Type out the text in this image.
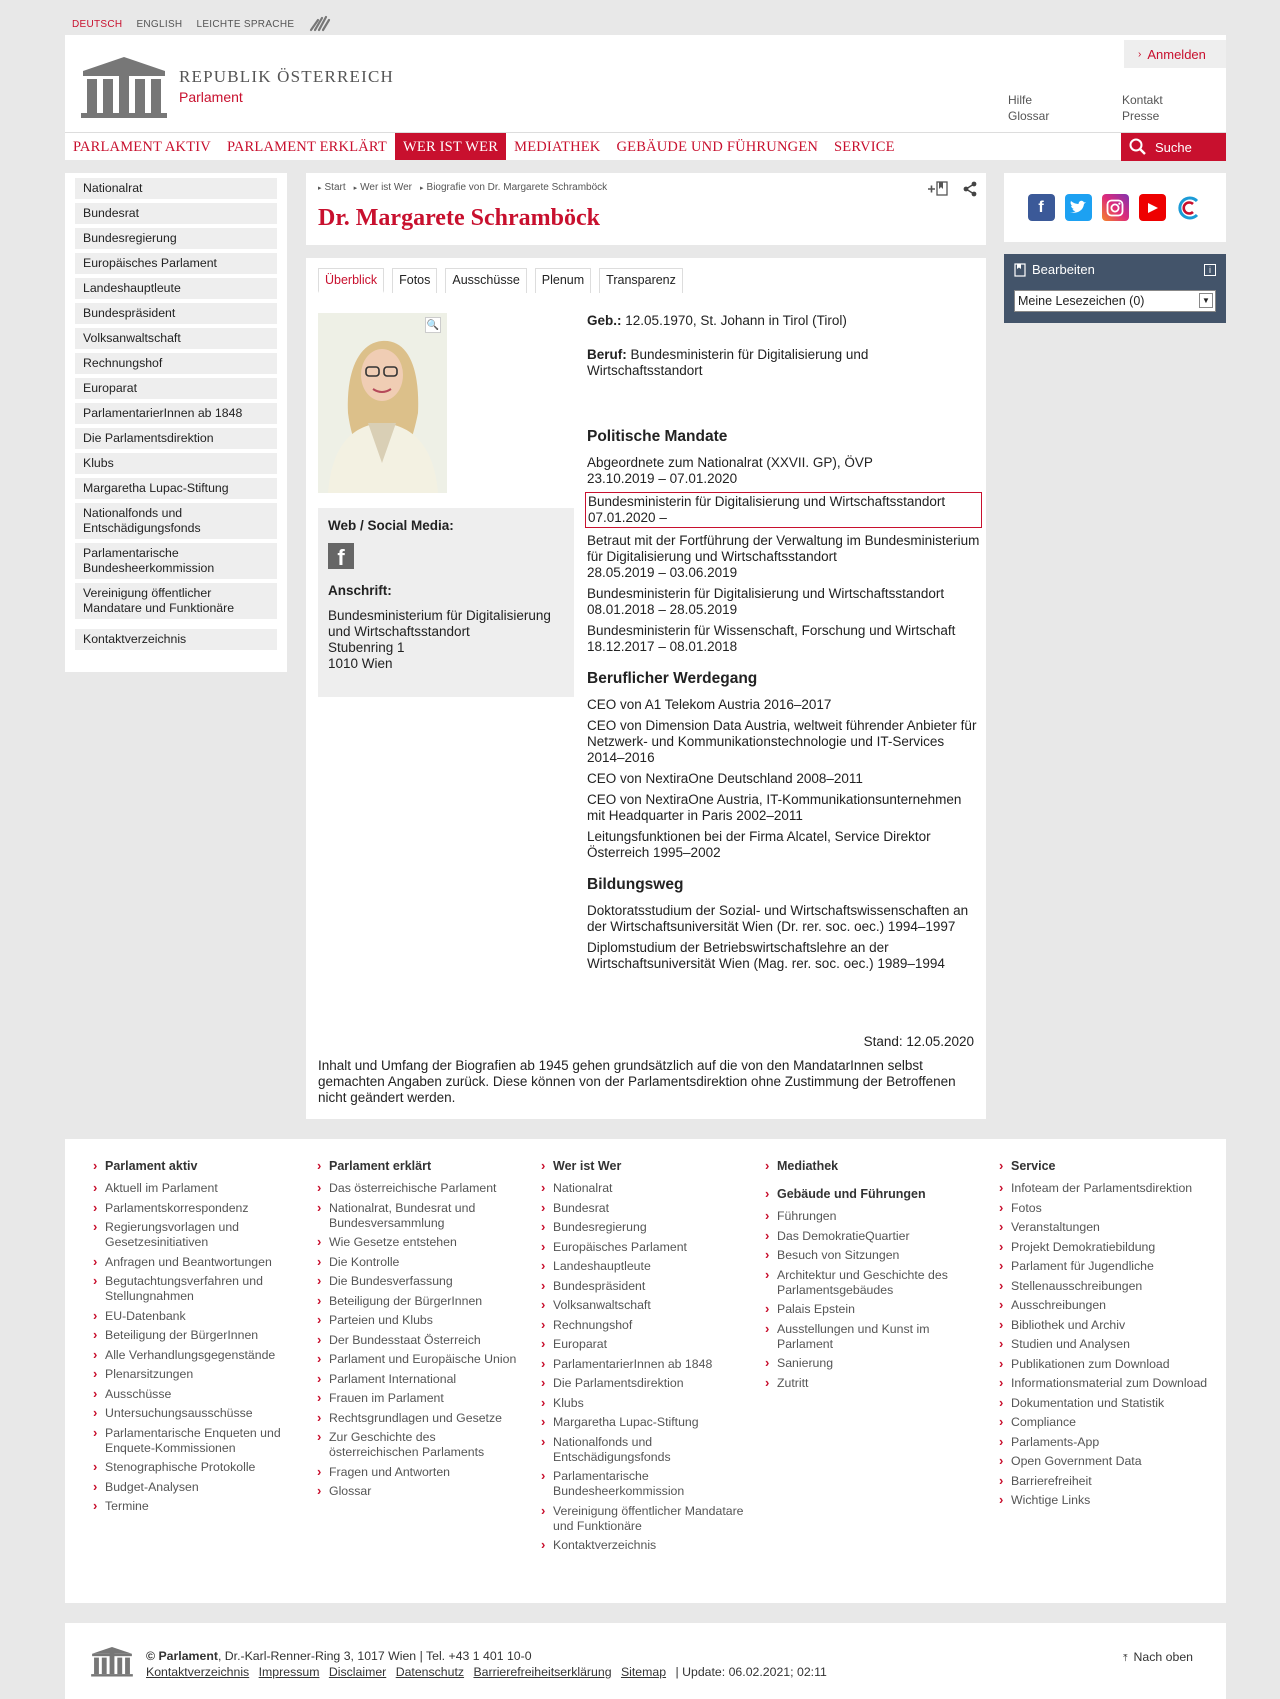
DEUTSCH ENGLISH LEICHTE SPRACHE
REPUBLIK ÖSTERREICH
Parlament
› Anmelden
Hilfe
Glossar
Kontakt
Presse
PARLAMENT AKTIV	PARLAMENT ERKLÄRT	WER IST WER	MEDIATHEK	GEBÄUDE UND FÜHRUNGEN	SERVICE	Suche
Nationalrat
Bundesrat
Bundesregierung
Europäisches Parlament
Landeshauptleute
Bundespräsident
Volksanwaltschaft
Rechnungshof
Europarat
ParlamentarierInnen ab 1848
Die Parlamentsdirektion
Klubs
Margaretha Lupac-Stiftung
Nationalfonds und Entschädigungsfonds
Parlamentarische Bundesheerkommission
Vereinigung öffentlicher Mandatare und Funktionäre
Kontaktverzeichnis
▸ Start ▸ Wer ist Wer ▸ Biografie von Dr. Margarete Schramböck
Dr. Margarete Schramböck
Überblick	Fotos	Ausschüsse	Plenum	Transparenz
🔍
Web / Social Media:
f
Anschrift:
Bundesministerium für Digitalisierung
und Wirtschaftsstandort
Stubenring 1
1010 Wien
Geb.: 12.05.1970, St. Johann in Tirol (Tirol)
Beruf: Bundesministerin für Digitalisierung und Wirtschaftsstandort
Politische Mandate
Abgeordnete zum Nationalrat (XXVII. GP), ÖVP
23.10.2019 – 07.01.2020
Bundesministerin für Digitalisierung und Wirtschaftsstandort
07.01.2020 –
Betraut mit der Fortführung der Verwaltung im Bundesministerium für Digitalisierung und Wirtschaftsstandort
28.05.2019 – 03.06.2019
Bundesministerin für Digitalisierung und Wirtschaftsstandort
08.01.2018 – 28.05.2019
Bundesministerin für Wissenschaft, Forschung und Wirtschaft
18.12.2017 – 08.01.2018
Beruflicher Werdegang
CEO von A1 Telekom Austria 2016–2017
CEO von Dimension Data Austria, weltweit führender Anbieter für Netzwerk- und Kommunikationstechnologie und IT-Services 2014–2016
CEO von NextiraOne Deutschland 2008–2011
CEO von NextiraOne Austria, IT-Kommunikationsunternehmen mit Headquarter in Paris 2002–2011
Leitungsfunktionen bei der Firma Alcatel, Service Direktor Österreich 1995–2002
Bildungsweg
Doktoratsstudium der Sozial- und Wirtschaftswissenschaften an der Wirtschaftsuniversität Wien (Dr. rer. soc. oec.) 1994–1997
Diplomstudium der Betriebswirtschaftslehre an der Wirtschaftsuniversität Wien (Mag. rer. soc. oec.) 1989–1994
Stand: 12.05.2020
Inhalt und Umfang der Biografien ab 1945 gehen grundsätzlich auf die von den MandatarInnen selbst gemachten Angaben zurück. Diese können von der Parlamentsdirektion ohne Zustimmung der Betroffenen nicht geändert werden.
f
Bearbeiten	i
Meine Lesezeichen (0)	▼
› Parlament aktiv
› Aktuell im Parlament
› Parlamentskorrespondenz
› Regierungsvorlagen und Gesetzesinitiativen
› Anfragen und Beantwortungen
› Begutachtungsverfahren und Stellungnahmen
› EU-Datenbank
› Beteiligung der BürgerInnen
› Alle Verhandlungsgegenstände
› Plenarsitzungen
› Ausschüsse
› Untersuchungsausschüsse
› Parlamentarische Enqueten und Enquete-Kommissionen
› Stenographische Protokolle
› Budget-Analysen
› Termine
› Parlament erklärt
› Das österreichische Parlament
› Nationalrat, Bundesrat und Bundesversammlung
› Wie Gesetze entstehen
› Die Kontrolle
› Die Bundesverfassung
› Beteiligung der BürgerInnen
› Parteien und Klubs
› Der Bundesstaat Österreich
› Parlament und Europäische Union
› Parlament International
› Frauen im Parlament
› Rechtsgrundlagen und Gesetze
› Zur Geschichte des österreichischen Parlaments
› Fragen und Antworten
› Glossar
› Wer ist Wer
› Nationalrat
› Bundesrat
› Bundesregierung
› Europäisches Parlament
› Landeshauptleute
› Bundespräsident
› Volksanwaltschaft
› Rechnungshof
› Europarat
› ParlamentarierInnen ab 1848
› Die Parlamentsdirektion
› Klubs
› Margaretha Lupac-Stiftung
› Nationalfonds und Entschädigungsfonds
› Parlamentarische Bundesheerkommission
› Vereinigung öffentlicher Mandatare und Funktionäre
› Kontaktverzeichnis
› Mediathek
› Gebäude und Führungen
› Führungen
› Das DemokratieQuartier
› Besuch von Sitzungen
› Architektur und Geschichte des Parlamentsgebäudes
› Palais Epstein
› Ausstellungen und Kunst im Parlament
› Sanierung
› Zutritt
› Service
› Infoteam der Parlamentsdirektion
› Fotos
› Veranstaltungen
› Projekt Demokratiebildung
› Parlament für Jugendliche
› Stellenausschreibungen
› Ausschreibungen
› Bibliothek und Archiv
› Studien und Analysen
› Publikationen zum Download
› Informationsmaterial zum Download
› Dokumentation und Statistik
› Compliance
› Parlaments-App
› Open Government Data
› Barrierefreiheit
› Wichtige Links
© Parlament, Dr.-Karl-Renner-Ring 3, 1017 Wien | Tel. +43 1 401 10-0
Kontaktverzeichnis Impressum Disclaimer Datenschutz Barrierefreiheitserklärung Sitemap | Update: 06.02.2021; 02:11
⤒ Nach oben
